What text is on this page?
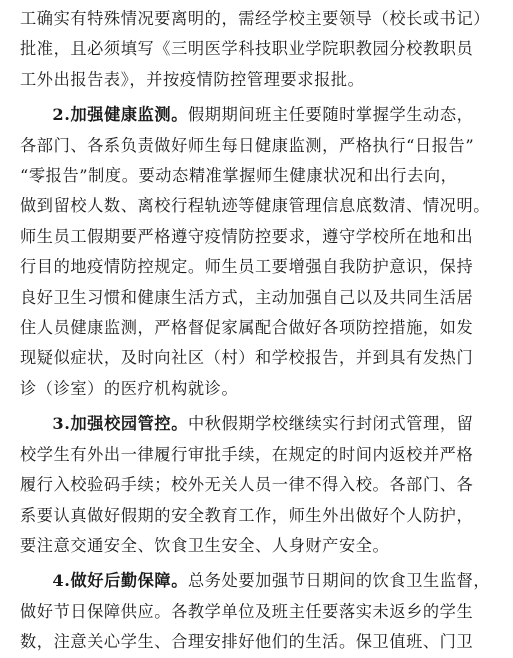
工确实有特殊情况要离明的，需经学校主要领导（校长或书记）
批准，且必须填写《三明医学科技职业学院职教园分校教职员
工外出报告表》，并按疫情防控管理要求报批。

2.加强健康监测。假期期间班主任要随时掌握学生动态，
各部门、各系负责做好师生每日健康监测，严格执行“日报告”
“零报告”制度。要动态精准掌握师生健康状况和出行去向，
做到留校人数、离校行程轨迹等健康管理信息底数清、情况明。
师生员工假期要严格遵守疫情防控要求，遵守学校所在地和出
行目的地疫情防控规定。师生员工要增强自我防护意识，保持
良好卫生习惯和健康生活方式，主动加强自己以及共同生活居
住人员健康监测，严格督促家属配合做好各项防控措施，如发
现疑似症状，及时向社区（村）和学校报告，并到具有发热门
诊（诊室）的医疗机构就诊。

3.加强校园管控。中秋假期学校继续实行封闭式管理，留
校学生有外出一律履行审批手续，在规定的时间内返校并严格
履行入校验码手续；校外无关人员一律不得入校。各部门、各
系要认真做好假期的安全教育工作，师生外出做好个人防护，
要注意交通安全、饮食卫生安全、人身财产安全。

4.做好后勤保障。总务处要加强节日期间的饮食卫生监督，
做好节日保障供应。各教学单位及班主任要落实未返乡的学生
数，注意关心学生、合理安排好他们的生活。保卫值班、门卫
